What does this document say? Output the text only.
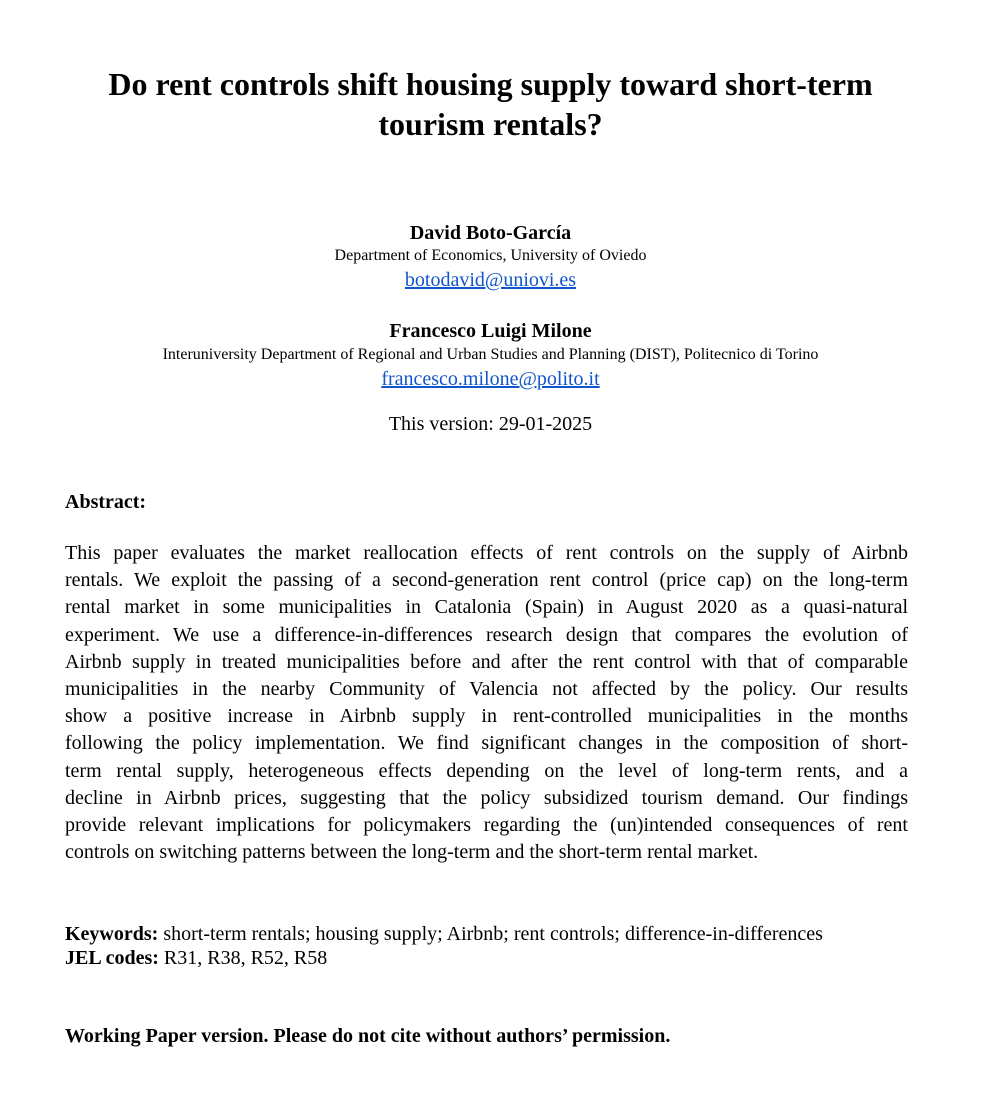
Do rent controls shift housing supply toward short-term
tourism rentals?
David Boto-García
Department of Economics, University of Oviedo
botodavid@uniovi.es
Francesco Luigi Milone
Interuniversity Department of Regional and Urban Studies and Planning (DIST), Politecnico di Torino
francesco.milone@polito.it
This version: 29-01-2025
Abstract:
This paper evaluates the market reallocation effects of rent controls on the supply of Airbnb
rentals. We exploit the passing of a second-generation rent control (price cap) on the long-term
rental market in some municipalities in Catalonia (Spain) in August 2020 as a quasi-natural
experiment. We use a difference-in-differences research design that compares the evolution of
Airbnb supply in treated municipalities before and after the rent control with that of comparable
municipalities in the nearby Community of Valencia not affected by the policy. Our results
show a positive increase in Airbnb supply in rent-controlled municipalities in the months
following the policy implementation. We find significant changes in the composition of short-
term rental supply, heterogeneous effects depending on the level of long-term rents, and a
decline in Airbnb prices, suggesting that the policy subsidized tourism demand. Our findings
provide relevant implications for policymakers regarding the (un)intended consequences of rent
controls on switching patterns between the long-term and the short-term rental market.
Keywords: short-term rentals; housing supply; Airbnb; rent controls; difference-in-differences
JEL codes: R31, R38, R52, R58
Working Paper version. Please do not cite without authors’ permission.
